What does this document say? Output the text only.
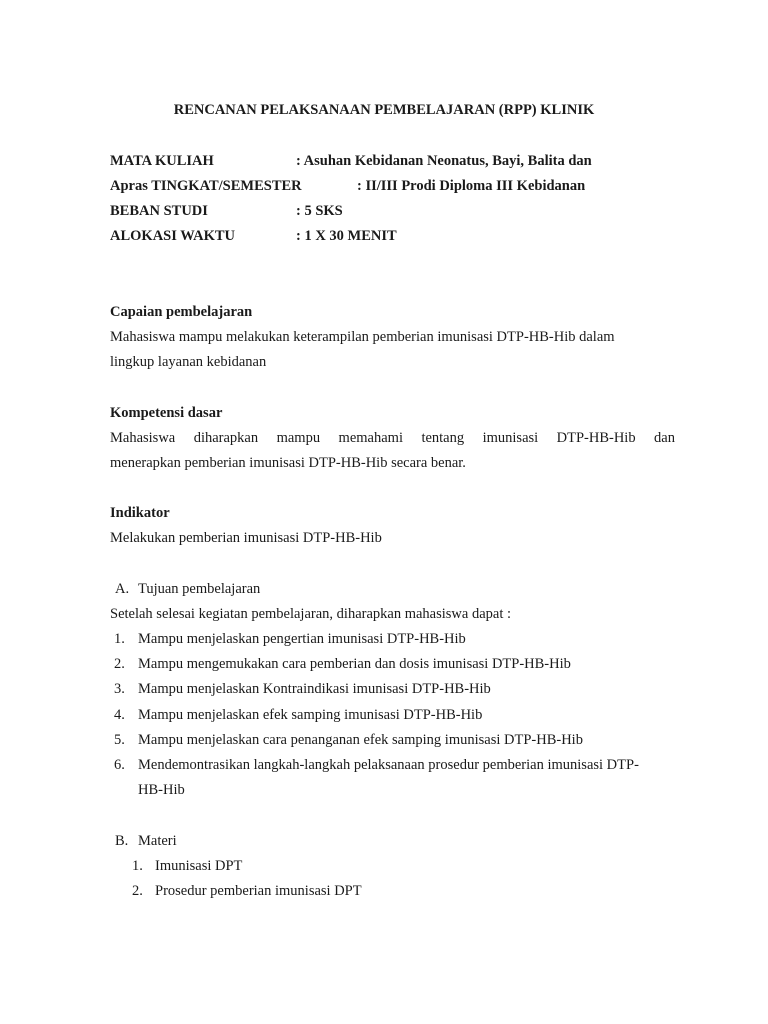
RENCANAN PELAKSANAAN PEMBELAJARAN (RPP) KLINIK
MATA KULIAH	: Asuhan Kebidanan Neonatus, Bayi, Balita dan
Apras TINGKAT/SEMESTER	: II/III Prodi Diploma III Kebidanan
BEBAN STUDI	: 5 SKS
ALOKASI WAKTU	: 1 X 30 MENIT
Capaian pembelajaran
Mahasiswa mampu melakukan keterampilan pemberian imunisasi DTP-HB-Hib dalam
lingkup layanan kebidanan
Kompetensi dasar
Mahasiswa diharapkan mampu memahami tentang imunisasi DTP-HB-Hib dan
menerapkan pemberian imunisasi DTP-HB-Hib secara benar.
Indikator
Melakukan pemberian imunisasi DTP-HB-Hib
A. Tujuan pembelajaran
Setelah selesai kegiatan pembelajaran, diharapkan mahasiswa dapat :
1. Mampu menjelaskan pengertian imunisasi DTP-HB-Hib
2. Mampu mengemukakan cara pemberian dan dosis imunisasi DTP-HB-Hib
3. Mampu menjelaskan Kontraindikasi imunisasi DTP-HB-Hib
4. Mampu menjelaskan efek samping imunisasi DTP-HB-Hib
5. Mampu menjelaskan cara penanganan efek samping imunisasi DTP-HB-Hib
6. Mendemontrasikan langkah-langkah pelaksanaan prosedur pemberian imunisasi DTP-
HB-Hib
B. Materi
1. Imunisasi DPT
2. Prosedur pemberian imunisasi DPT
